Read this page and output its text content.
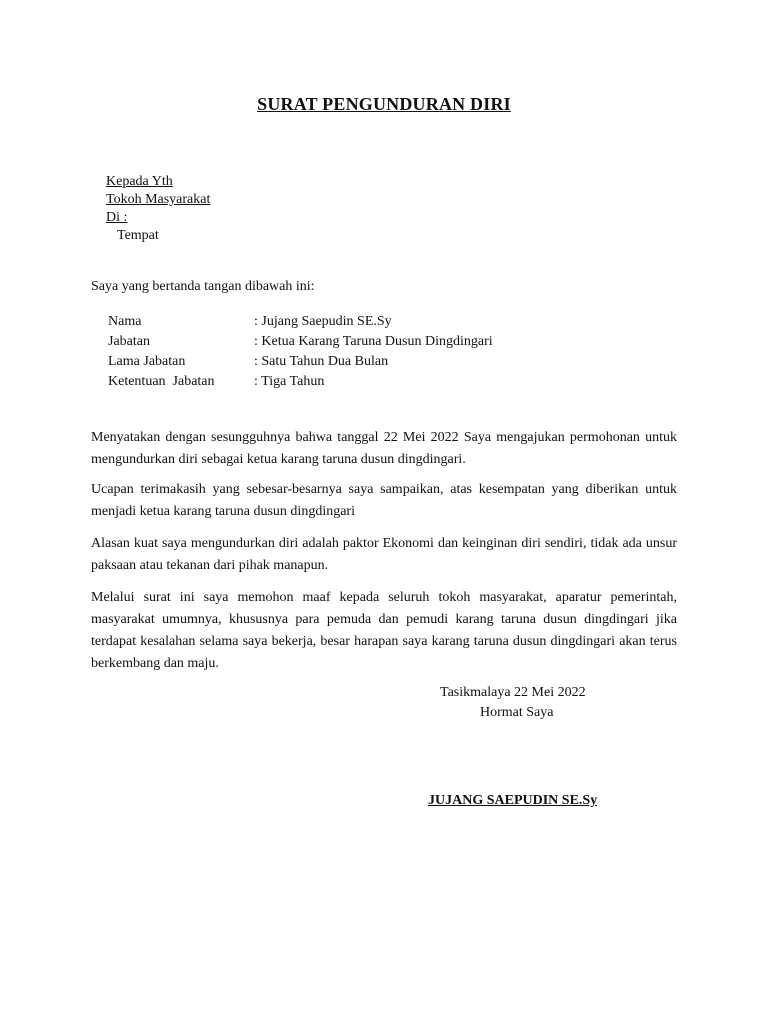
SURAT PENGUNDURAN DIRI
Kepada Yth
Tokoh Masyarakat
Di :
Tempat
Saya yang bertanda tangan dibawah ini:
Nama	: Jujang Saepudin SE.Sy
Jabatan	: Ketua Karang Taruna Dusun Dingdingari
Lama Jabatan	: Satu Tahun Dua Bulan
Ketentuan  Jabatan	: Tiga Tahun
Menyatakan dengan sesungguhnya bahwa tanggal 22 Mei 2022 Saya mengajukan permohonan untuk mengundurkan diri sebagai ketua karang taruna dusun dingdingari.
Ucapan terimakasih yang sebesar-besarnya saya sampaikan, atas kesempatan yang diberikan untuk menjadi ketua karang taruna dusun dingdingari
Alasan kuat saya mengundurkan diri adalah paktor Ekonomi dan keinginan diri sendiri, tidak ada unsur paksaan atau tekanan dari pihak manapun.
Melalui surat ini saya memohon maaf kepada seluruh tokoh masyarakat, aparatur pemerintah, masyarakat umumnya, khususnya para pemuda dan pemudi karang taruna dusun dingdingari jika terdapat kesalahan selama saya bekerja, besar harapan saya karang taruna dusun dingdingari akan terus berkembang dan maju.
Tasikmalaya 22 Mei 2022
Hormat Saya
JUJANG SAEPUDIN SE.Sy
